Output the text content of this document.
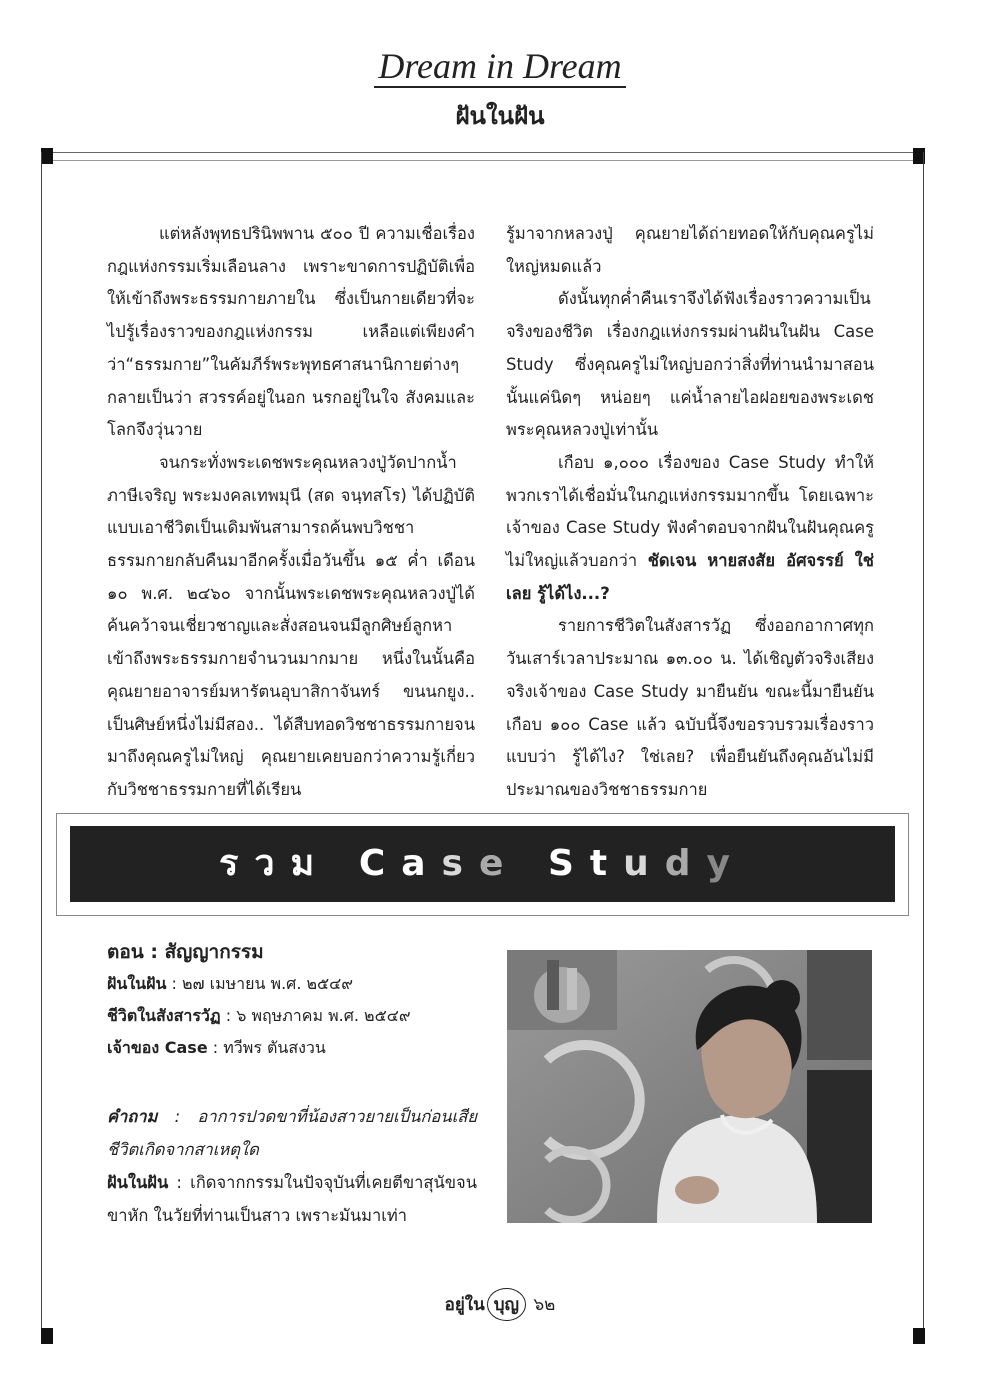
Dream in Dream
ฝันในฝัน

แต่หลังพุทธปรินิพพาน ๕๐๐ ปี ความเชื่อเรื่องกฎแห่งกรรมเริ่มเลือนลาง เพราะขาดการปฏิบัติเพื่อให้เข้าถึงพระธรรมกายภายใน ซึ่งเป็นกายเดียวที่จะไปรู้เรื่องราวของกฎแห่งกรรม เหลือแต่เพียงคำว่า“ธรรมกาย”ในคัมภีร์พระพุทธศาสนานิกายต่างๆ กลายเป็นว่า สวรรค์อยู่ในอก นรกอยู่ในใจ สังคมและโลกจึงวุ่นวาย

จนกระทั่งพระเดชพระคุณหลวงปู่วัดปากน้ำภาษีเจริญ พระมงคลเทพมุนี (สด จนฺทสโร) ได้ปฏิบัติแบบเอาชีวิตเป็นเดิมพันสามารถค้นพบวิชชาธรรมกายกลับคืนมาอีกครั้งเมื่อวันขึ้น ๑๕ ค่ำ เดือน ๑๐ พ.ศ. ๒๔๖๐ จากนั้นพระเดชพระคุณหลวงปู่ได้ค้นคว้าจนเชี่ยวชาญและสั่งสอนจนมีลูกศิษย์ลูกหาเข้าถึงพระธรรมกายจำนวนมากมาย หนึ่งในนั้นคือคุณยายอาจารย์มหารัตนอุบาสิกาจันทร์ ขนนกยูง.. เป็นศิษย์หนึ่งไม่มีสอง.. ได้สืบทอดวิชชาธรรมกายจนมาถึงคุณครูไม่ใหญ่ คุณยายเคยบอกว่าความรู้เกี่ยวกับวิชชาธรรมกายที่ได้เรียน

รู้มาจากหลวงปู่ คุณยายได้ถ่ายทอดให้กับคุณครูไม่ใหญ่หมดแล้ว

ดังนั้นทุกค่ำคืนเราจึงได้ฟังเรื่องราวความเป็นจริงของชีวิต เรื่องกฎแห่งกรรมผ่านฝันในฝัน Case Study ซึ่งคุณครูไม่ใหญ่บอกว่าสิ่งที่ท่านนำมาสอนนั้นแค่นิดๆ หน่อยๆ แค่น้ำลายไอฝอยของพระเดชพระคุณหลวงปู่เท่านั้น

เกือบ ๑,๐๐๐ เรื่องของ Case Study ทำให้พวกเราได้เชื่อมั่นในกฎแห่งกรรมมากขึ้น โดยเฉพาะเจ้าของ Case Study ฟังคำตอบจากฝันในฝันคุณครูไม่ใหญ่แล้วบอกว่า ชัดเจน หายสงสัย อัศจรรย์ ใช่เลย รู้ได้ไง...?

รายการชีวิตในสังสารวัฏ ซึ่งออกอากาศทุกวันเสาร์เวลาประมาณ ๑๓.๐๐ น. ได้เชิญตัวจริงเสียงจริงเจ้าของ Case Study มายืนยัน ขณะนี้มายืนยันเกือบ ๑๐๐ Case แล้ว ฉบับนี้จึงขอรวบรวมเรื่องราวแบบว่า รู้ได้ไง? ใช่เลย? เพื่อยืนยันถึงคุณอันไม่มีประมาณของวิชชาธรรมกาย

รวม Case Study
ตอน : สัญญากรรม
ฝันในฝัน : ๒๗ เมษายน พ.ศ. ๒๕๔๙
ชีวิตในสังสารวัฏ : ๖ พฤษภาคม พ.ศ. ๒๕๔๙
เจ้าของ Case : ทวีพร ตันสงวน

คำถาม : อาการปวดขาที่น้องสาวยายเป็นก่อนเสียชีวิตเกิดจากสาเหตุใด

ฝันในฝัน : เกิดจากกรรมในปัจจุบันที่เคยตีขาสุนัขจนขาหัก ในวัยที่ท่านเป็นสาว เพราะมันมาเท่า

อยู่ใน บุญ ๖๒
